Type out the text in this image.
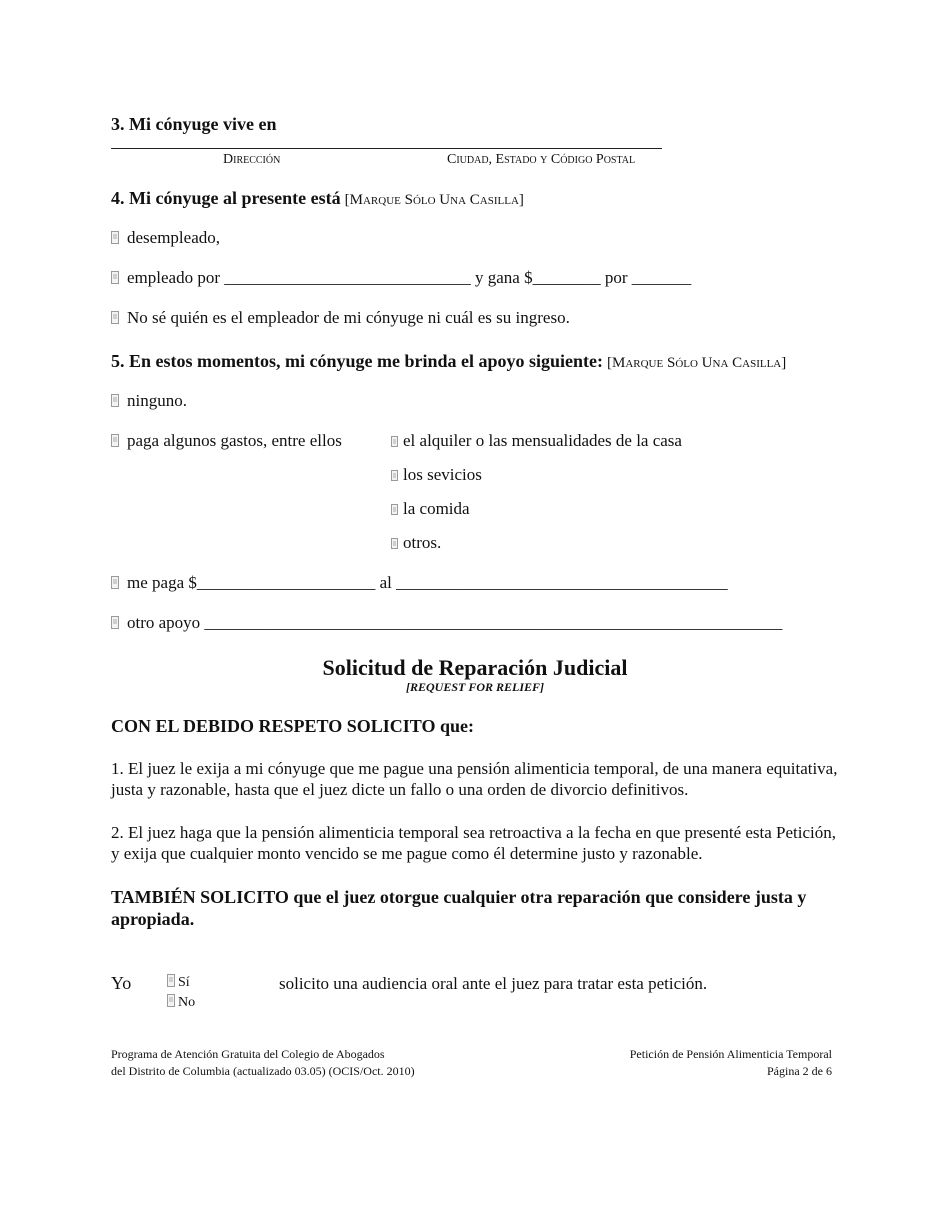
3. Mi cónyuge vive en
Dirección	Ciudad, Estado y Código Postal
4. Mi cónyuge al presente está [Marque Sólo Una Casilla]
desempleado,
empleado por _____________________________ y gana $________ por _______
No sé quién es el empleador de mi cónyuge ni cuál es su ingreso.
5. En estos momentos, mi cónyuge me brinda el apoyo siguiente: [Marque Sólo Una Casilla]
ninguno.
paga algunos gastos, entre ellos	el alquiler o las mensualidades de la casa
los sevicios
la comida
otros.
me paga $_____________________ al _______________________________________
otro apoyo ____________________________________________________________________
Solicitud de Reparación Judicial
[REQUEST FOR RELIEF]
CON EL DEBIDO RESPETO SOLICITO que:
1. El juez le exija a mi cónyuge que me pague una pensión alimenticia temporal, de una manera equitativa, justa y razonable, hasta que el juez dicte un fallo o una orden de divorcio definitivos.
2. El juez haga que la pensión alimenticia temporal sea retroactiva a la fecha en que presenté esta Petición, y exija que cualquier monto vencido se me pague como él determine justo y razonable.
TAMBIÉN SOLICITO que el juez otorgue cualquier otra reparación que considere justa y apropiada.
Yo	Sí
No
solicito una audiencia oral ante el juez para tratar esta petición.
Programa de Atención Gratuita del Colegio de Abogados
del Distrito de Columbia (actualizado 03.05) (OCIS/Oct. 2010)
Petición de Pensión Alimenticia Temporal
Página 2 de 6
